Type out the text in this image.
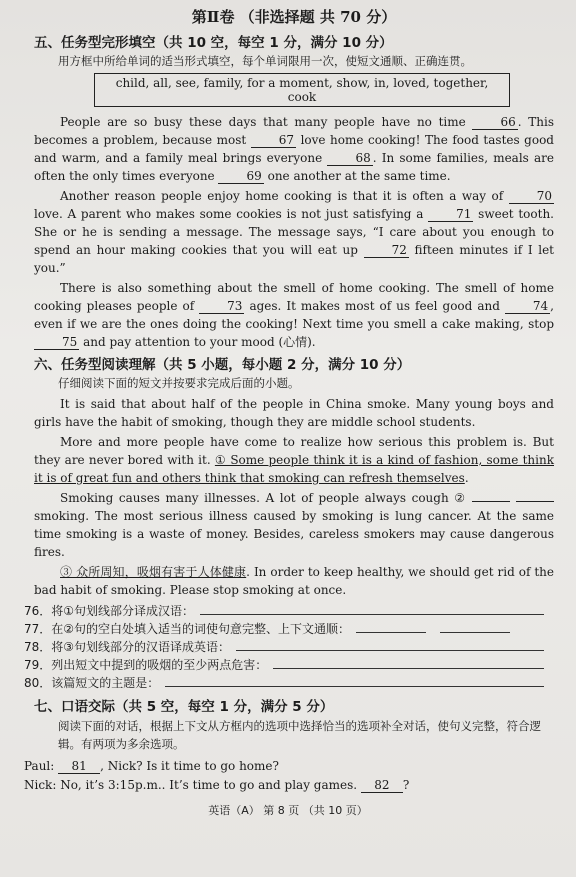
第Ⅱ卷 （非选择题 共 70 分）
五、任务型完形填空（共 10 空，每空 1 分，满分 10 分）
用方框中所给单词的适当形式填空，每个单词限用一次，使短文通顺、正确连贯。
child, all, see, family, for a moment, show, in, loved, together, cook

People are so busy these days that many people have no time	66 . This becomes a problem, because most	67 love home cooking! The food tastes good and warm, and a family meal brings everyone	68 . In some families, meals are often the only times everyone	69 one another at the same time.

Another reason people enjoy home cooking is that it is often a way of	70 love. A parent who makes some cookies is not just satisfying a	71 sweet tooth. She or he is sending a message. The message says, “I care about you enough to spend an hour making cookies that you will eat up	72 fifteen minutes if I let you.”

There is also something about the smell of home cooking. The smell of home cooking pleases people of	73 ages. It makes most of us feel good and	74 , even if we are the ones doing the cooking! Next time you smell a cake making, stop 75 and pay attention to your mood (心情).

六、任务型阅读理解（共 5 小题，每小题 2 分，满分 10 分）
仔细阅读下面的短文并按要求完成后面的小题。

It is said that about half of the people in China smoke. Many young boys and girls have the habit of smoking, though they are middle school students.

More and more people have come to realize how serious this problem is. But they are never bored with it. ① Some people think it is a kind of fashion, some think it is of great fun and others think that smoking can refresh themselves.

Smoking causes many illnesses. A lot of people always cough ②  smoking. The most serious illness caused by smoking is lung cancer. At the same time smoking is a waste of money. Besides, careless smokers may cause dangerous fires.

③ 众所周知，吸烟有害于人体健康. In order to keep healthy, we should get rid of the bad habit of smoking. Please stop smoking at once.

76．将①句划线部分译成汉语：
77．在②句的空白处填入适当的词使句意完整、上下文通顺：
78．将③句划线部分的汉语译成英语：
79．列出短文中提到的吸烟的至少两点危害：
80．该篇短文的主题是：
七、口语交际（共 5 空，每空 1 分，满分 5 分）
阅读下面的对话，根据上下文从方框内的选项中选择恰当的选项补全对话，使句义完整，符合逻辑。有两项为多余选项。
Paul: 81 , Nick? Is it time to go home?
Nick: No, it’s 3:15p.m.. It’s time to go and play games. 82 ?
英语（A） 第 8 页 （共 10 页）
